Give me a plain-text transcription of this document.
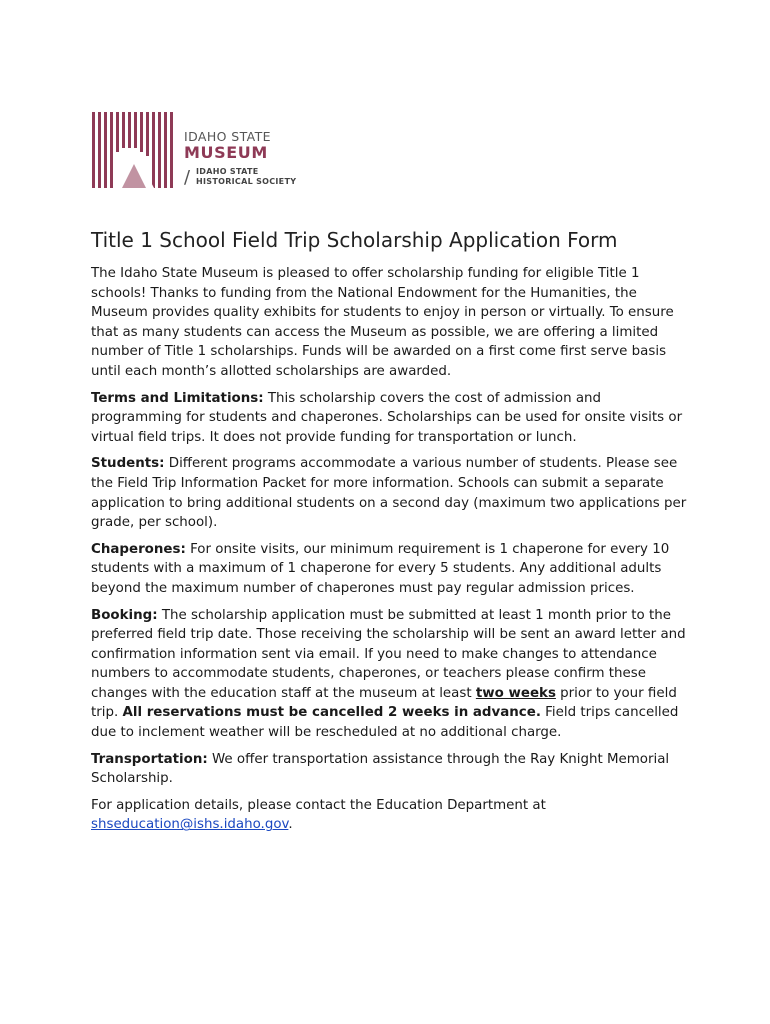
IDAHO STATE
MUSEUM
/ IDAHO STATE
HISTORICAL SOCIETY
Title 1 School Field Trip Scholarship Application Form

The Idaho State Museum is pleased to offer scholarship funding for eligible Title 1 schools! Thanks to funding from the National Endowment for the Humanities, the Museum provides quality exhibits for students to enjoy in person or virtually. To ensure that as many students can access the Museum as possible, we are offering a limited number of Title 1 scholarships. Funds will be awarded on a first come first serve basis until each month’s allotted scholarships are awarded.

Terms and Limitations: This scholarship covers the cost of admission and programming for students and chaperones. Scholarships can be used for onsite visits or virtual field trips. It does not provide funding for transportation or lunch.

Students: Different programs accommodate a various number of students. Please see the Field Trip Information Packet for more information. Schools can submit a separate application to bring additional students on a second day (maximum two applications per grade, per school).

Chaperones: For onsite visits, our minimum requirement is 1 chaperone for every 10 students with a maximum of 1 chaperone for every 5 students. Any additional adults beyond the maximum number of chaperones must pay regular admission prices.

Booking: The scholarship application must be submitted at least 1 month prior to the preferred field trip date. Those receiving the scholarship will be sent an award letter and confirmation information sent via email. If you need to make changes to attendance numbers to accommodate students, chaperones, or teachers please confirm these changes with the education staff at the museum at least two weeks prior to your field trip. All reservations must be cancelled 2 weeks in advance. Field trips cancelled due to inclement weather will be rescheduled at no additional charge.

Transportation: We offer transportation assistance through the Ray Knight Memorial Scholarship.

For application details, please contact the Education Department at shseducation@ishs.idaho.gov.
